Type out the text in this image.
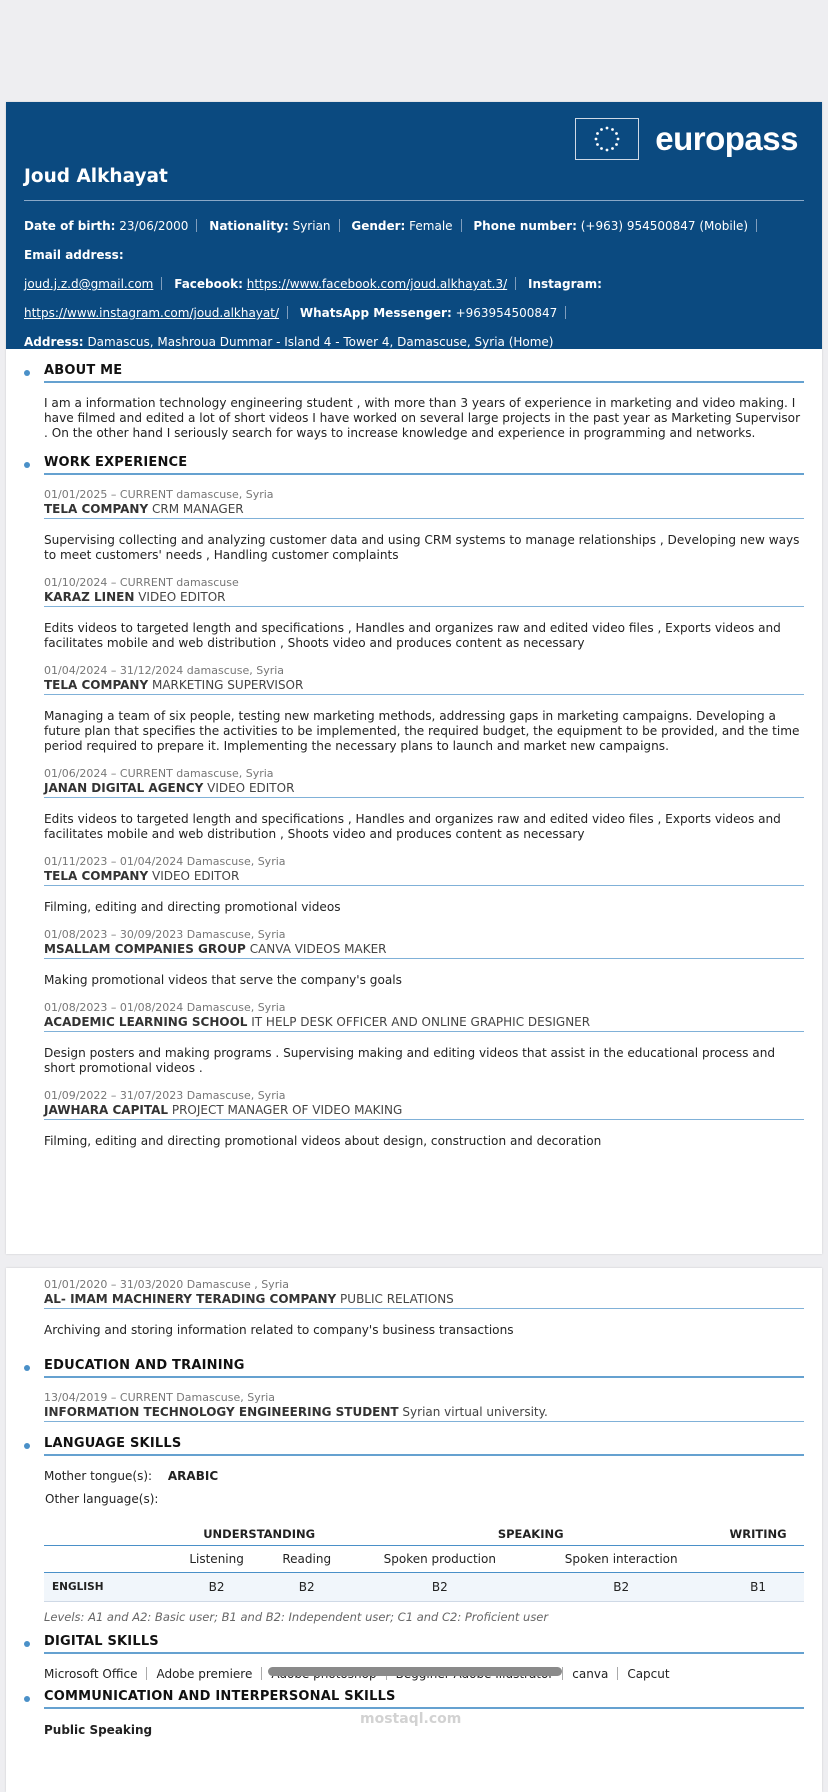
europass
Joud Alkhayat
Date of birth: 23/06/2000 Nationality: Syrian Gender: Female Phone number: (+963) 954500847 (Mobile) Email address:
joud.j.z.d@gmail.com Facebook: https://www.facebook.com/joud.alkhayat.3/ Instagram:
https://www.instagram.com/joud.alkhayat/ WhatsApp Messenger: +963954500847
Address: Damascus, Mashroua Dummar - Island 4 - Tower 4, Damascuse, Syria (Home)
ABOUT ME

I am a information technology engineering student , with more than 3 years of experience in marketing and video making. I have filmed and edited a lot of short videos I have worked on several large projects in the past year as Marketing Supervisor . On the other hand I seriously search for ways to increase knowledge and experience in programming and networks.

WORK EXPERIENCE
01/01/2025 – CURRENT damascuse, Syria
TELA COMPANY CRM MANAGER
Supervising collecting and analyzing customer data and using CRM systems to manage relationships , Developing new ways to meet customers' needs , Handling customer complaints
01/10/2024 – CURRENT damascuse
KARAZ LINEN VIDEO EDITOR
Edits videos to targeted length and specifications , Handles and organizes raw and edited video files , Exports videos and facilitates mobile and web distribution , Shoots video and produces content as necessary
01/04/2024 – 31/12/2024 damascuse, Syria
TELA COMPANY MARKETING SUPERVISOR
Managing a team of six people, testing new marketing methods, addressing gaps in marketing campaigns. Developing a future plan that specifies the activities to be implemented, the required budget, the equipment to be provided, and the time period required to prepare it. Implementing the necessary plans to launch and market new campaigns.
01/06/2024 – CURRENT damascuse, Syria
JANAN DIGITAL AGENCY VIDEO EDITOR
Edits videos to targeted length and specifications , Handles and organizes raw and edited video files , Exports videos and facilitates mobile and web distribution , Shoots video and produces content as necessary
01/11/2023 – 01/04/2024 Damascuse, Syria
TELA COMPANY VIDEO EDITOR
Filming, editing and directing promotional videos
01/08/2023 – 30/09/2023 Damascuse, Syria
MSALLAM COMPANIES GROUP CANVA VIDEOS MAKER
Making promotional videos that serve the company's goals
01/08/2023 – 01/08/2024 Damascuse, Syria
ACADEMIC LEARNING SCHOOL IT HELP DESK OFFICER AND ONLINE GRAPHIC DESIGNER
Design posters and making programs . Supervising making and editing videos that assist in the educational process and short promotional videos .
01/09/2022 – 31/07/2023 Damascuse, Syria
JAWHARA CAPITAL PROJECT MANAGER OF VIDEO MAKING
Filming, editing and directing promotional videos about design, construction and decoration
01/01/2020 – 31/03/2020 Damascuse , Syria
AL- IMAM MACHINERY TERADING COMPANY PUBLIC RELATIONS
Archiving and storing information related to company's business transactions
EDUCATION AND TRAINING
13/04/2019 – CURRENT Damascuse, Syria
INFORMATION TECHNOLOGY ENGINEERING STUDENT Syrian virtual university.
LANGUAGE SKILLS
Mother tongue(s): ARABIC
Other language(s):
	UNDERSTANDING		SPEAKING		WRITING
	Listening	Reading	Spoken production	Spoken interaction	
ENGLISH	B2	B2	B2	B2	B1
Levels: A1 and A2: Basic user; B1 and B2: Independent user; C1 and C2: Proficient user
DIGITAL SKILLS
Microsoft Office Adobe premiere	canva Capcut
COMMUNICATION AND INTERPERSONAL SKILLS
Public Speaking
mostaql.com
